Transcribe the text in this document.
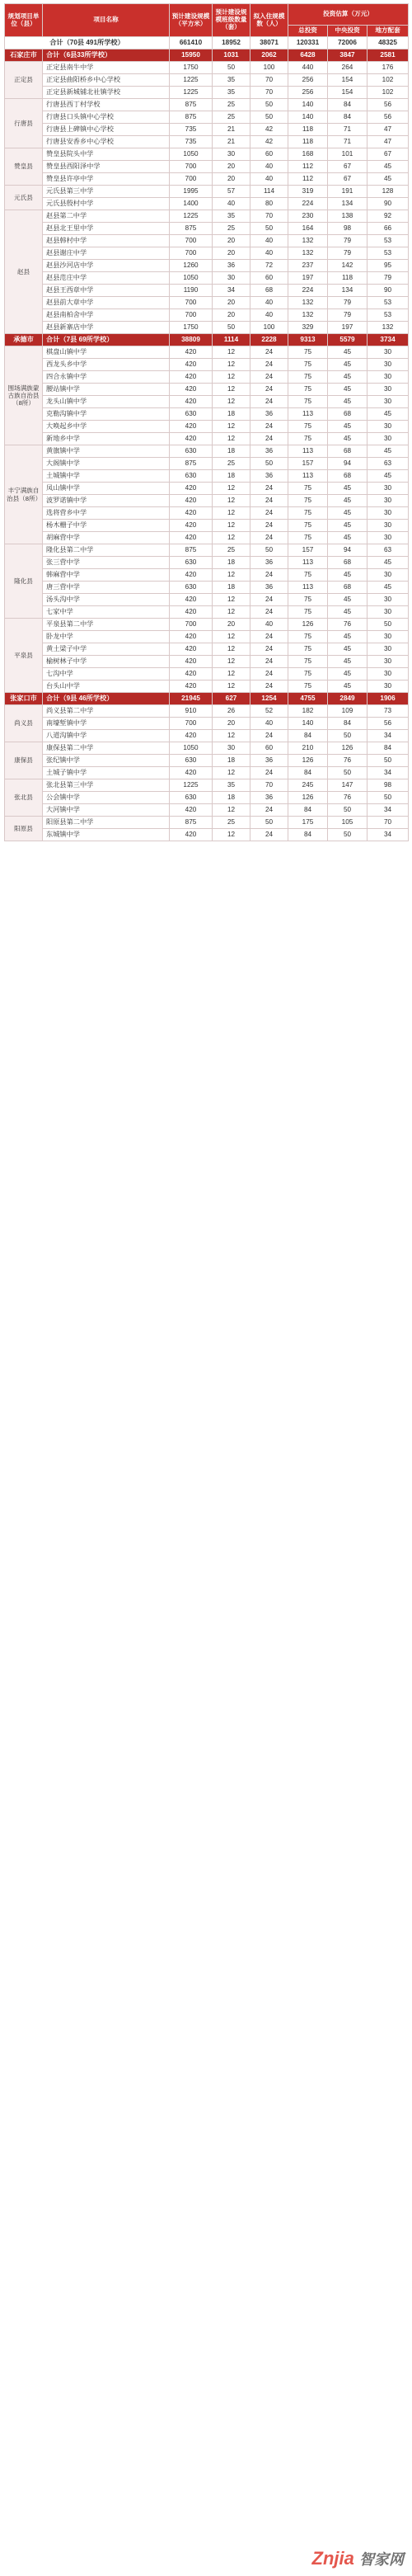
规划项目单位（县）	项目名称	预计建设规模（平方米）	预计建设规模班级数量（套）	拟入住规模数（人）	投资估算（万元）		
					总投资	中央投资	地方配套
合计（70县 491所学校）		661410	18952	38071	120331	72006	48325
石家庄市	合计（6县33所学校）	15950	1031	2062	6428	3847	2581
正定县	正定县南牛中学	1750	50	100	440	264	176
	正定县曲阳桥乡中心学校	1225	35	70	256	154	102
	正定县新城铺北社镇学校	1225	35	70	256	154	102
行唐县	行唐县西丁村学校	875	25	50	140	84	56
	行唐县口头镇中心学校	875	25	50	140	84	56
	行唐县上碑镇中心学校	735	21	42	118	71	47
	行唐县安香乡中心学校	735	21	42	118	71	47
赞皇县	赞皇县院头中学	1050	30	60	168	101	67
	赞皇县西阳泽中学	700	20	40	112	67	45
	赞皇县许亭中学	700	20	40	112	67	45
元氏县	元氏县第三中学	1995	57	114	319	191	128
	元氏县殷村中学	1400	40	80	224	134	90
赵县	赵县第二中学	1225	35	70	230	138	92
	赵县北王里中学	875	25	50	164	98	66
	赵县韩村中学	700	20	40	132	79	53
	赵县谢庄中学	700	20	40	132	79	53
	赵县沙河店中学	1260	36	72	237	142	95
	赵县范庄中学	1050	30	60	197	118	79
	赵县王西章中学	1190	34	68	224	134	90
	赵县前大章中学	700	20	40	132	79	53
	赵县南柏舍中学	700	20	40	132	79	53
	赵县新寨店中学	1750	50	100	329	197	132
承德市	合计（7县 69所学校）	38809	1114	2228	9313	5579	3734
围场满族蒙古族自治县（8所）	棋盘山镇中学	420	12	24	75	45	30
	西龙头乡中学	420	12	24	75	45	30
	四合永镇中学	420	12	24	75	45	30
	腰站镇中学	420	12	24	75	45	30
	龙头山镇中学	420	12	24	75	45	30
	克勒沟镇中学	630	18	36	113	68	45
	大唤起乡中学	420	12	24	75	45	30
	新地乡中学	420	12	24	75	45	30
丰宁满族自治县（8所）	黄旗镇中学	630	18	36	113	68	45
	大阁镇中学	875	25	50	157	94	63
	土城镇中学	630	18	36	113	68	45
	凤山镇中学	420	12	24	75	45	30
	波罗诺镇中学	420	12	24	75	45	30
	选将营乡中学	420	12	24	75	45	30
	杨木栅子中学	420	12	24	75	45	30
	胡麻营中学	420	12	24	75	45	30
隆化县	隆化县第二中学	875	25	50	157	94	63
	张三营中学	630	18	36	113	68	45
	韩麻营中学	420	12	24	75	45	30
	唐三营中学	630	18	36	113	68	45
	汤头沟中学	420	12	24	75	45	30
	七家中学	420	12	24	75	45	30
平泉县	平泉县第二中学	700	20	40	126	76	50
	卧龙中学	420	12	24	75	45	30
	黄土梁子中学	420	12	24	75	45	30
	榆树林子中学	420	12	24	75	45	30
	七沟中学	420	12	24	75	45	30
	台头山中学	420	12	24	75	45	30
张家口市	合计（9县 46所学校）	21945	627	1254	4755	2849	1906
尚义县	尚义县第二中学	910	26	52	182	109	73
	南壕堑镇中学	700	20	40	140	84	56
	八道沟镇中学	420	12	24	84	50	34
康保县	康保县第二中学	1050	30	60	210	126	84
	张纪镇中学	630	18	36	126	76	50
	土城子镇中学	420	12	24	84	50	34
张北县	张北县第三中学	1225	35	70	245	147	98
	公会镇中学	630	18	36	126	76	50
	大河镇中学	420	12	24	84	50	34
阳原县	阳原县第二中学	875	25	50	175	105	70
	东城镇中学	420	12	24	84	50	34
Znjia 智家网
